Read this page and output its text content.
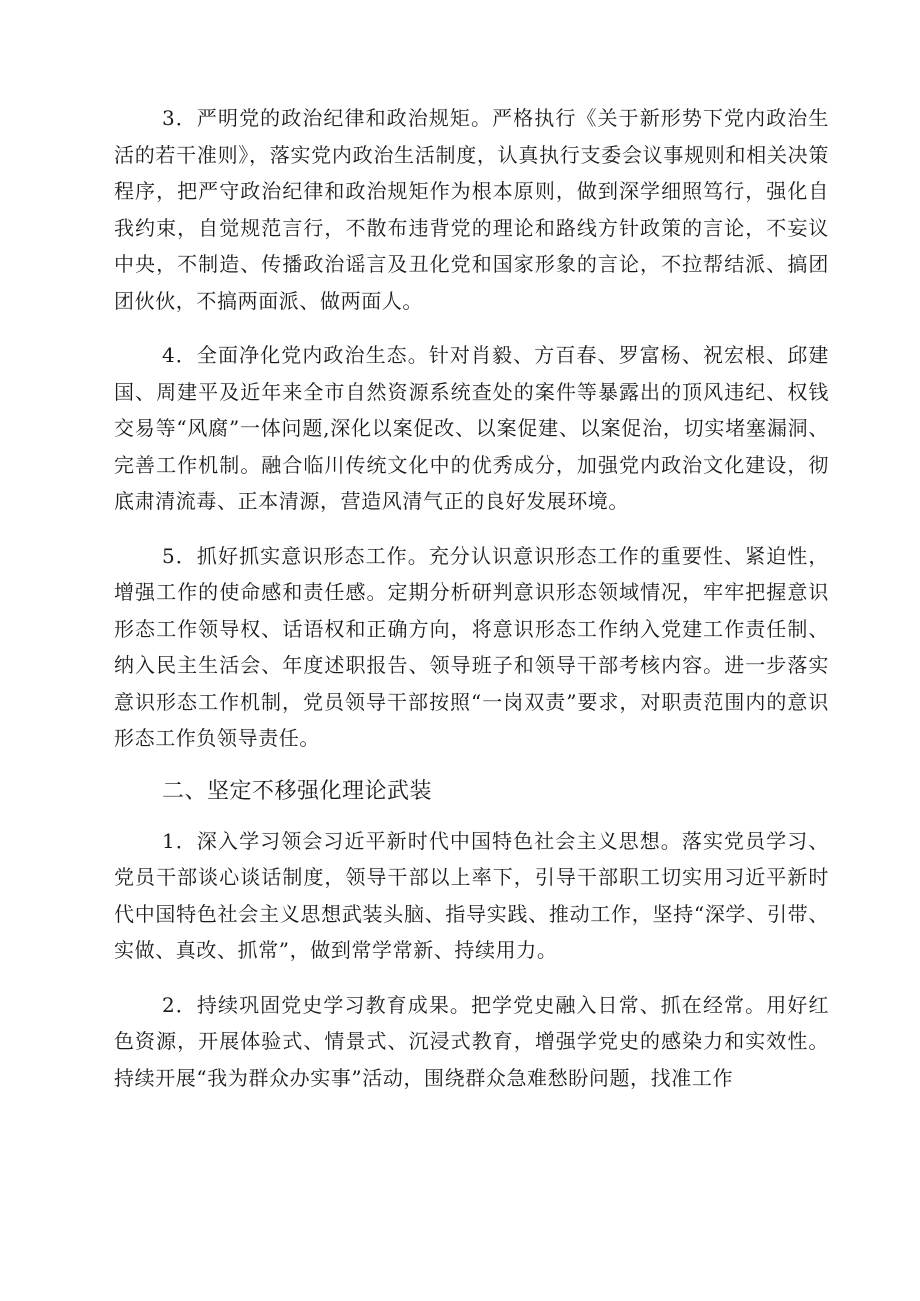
3．严明党的政治纪律和政治规矩。严格执行《关于新形势下党内政治生活的若干准则》，落实党内政治生活制度，认真执行支委会议事规则和相关决策程序，把严守政治纪律和政治规矩作为根本原则，做到深学细照笃行，强化自我约束，自觉规范言行，不散布违背党的理论和路线方针政策的言论，不妄议中央，不制造、传播政治谣言及丑化党和国家形象的言论，不拉帮结派、搞团团伙伙，不搞两面派、做两面人。

4．全面净化党内政治生态。针对肖毅、方百春、罗富杨、祝宏根、邱建国、周建平及近年来全市自然资源系统查处的案件等暴露出的顶风违纪、权钱交易等“风腐”一体问题,深化以案促改、以案促建、以案促治，切实堵塞漏洞、完善工作机制。融合临川传统文化中的优秀成分，加强党内政治文化建设，彻底肃清流毒、正本清源，营造风清气正的良好发展环境。

5．抓好抓实意识形态工作。充分认识意识形态工作的重要性、紧迫性，增强工作的使命感和责任感。定期分析研判意识形态领域情况，牢牢把握意识形态工作领导权、话语权和正确方向，将意识形态工作纳入党建工作责任制、纳入民主生活会、年度述职报告、领导班子和领导干部考核内容。进一步落实意识形态工作机制，党员领导干部按照“一岗双责”要求，对职责范围内的意识形态工作负领导责任。

二、坚定不移强化理论武装

1．深入学习领会习近平新时代中国特色社会主义思想。落实党员学习、党员干部谈心谈话制度，领导干部以上率下，引导干部职工切实用习近平新时代中国特色社会主义思想武装头脑、指导实践、推动工作，坚持“深学、引带、实做、真改、抓常”，做到常学常新、持续用力。

2．持续巩固党史学习教育成果。把学党史融入日常、抓在经常。用好红色资源，开展体验式、情景式、沉浸式教育，增强学党史的感染力和实效性。持续开展“我为群众办实事”活动，围绕群众急难愁盼问题，找准工作
